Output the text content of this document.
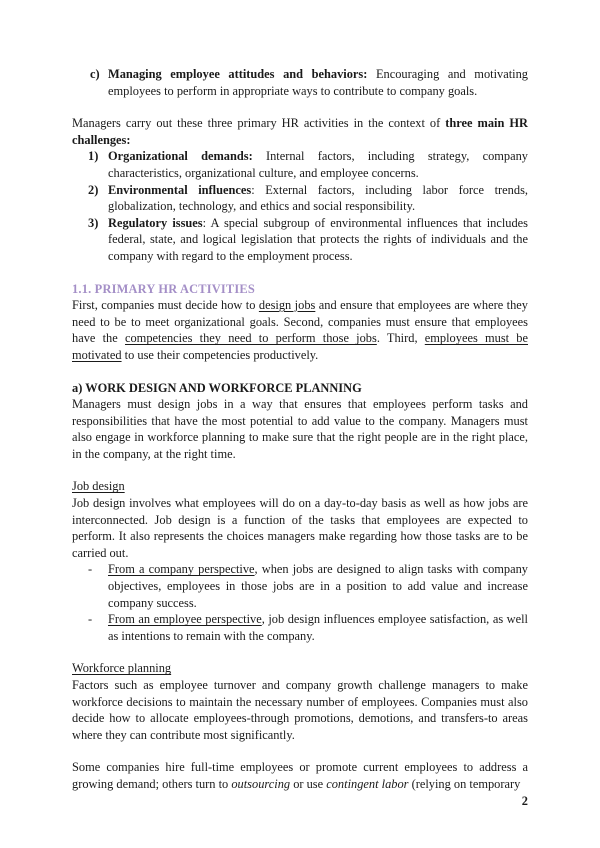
c) Managing employee attitudes and behaviors: Encouraging and motivating employees to perform in appropriate ways to contribute to company goals.

Managers carry out these three primary HR activities in the context of three main HR challenges:

1) Organizational demands: Internal factors, including strategy, company characteristics, organizational culture, and employee concerns.
2) Environmental influences: External factors, including labor force trends, globalization, technology, and ethics and social responsibility.
3) Regulatory issues: A special subgroup of environmental influences that includes federal, state, and logical legislation that protects the rights of individuals and the company with regard to the employment process.

1.1. PRIMARY HR ACTIVITIES

First, companies must decide how to design jobs and ensure that employees are where they need to be to meet organizational goals. Second, companies must ensure that employees have the competencies they need to perform those jobs. Third, employees must be motivated to use their competencies productively.

a) WORK DESIGN AND WORKFORCE PLANNING

Managers must design jobs in a way that ensures that employees perform tasks and responsibilities that have the most potential to add value to the company. Managers must also engage in workforce planning to make sure that the right people are in the right place, in the company, at the right time.

Job design

Job design involves what employees will do on a day-to-day basis as well as how jobs are interconnected. Job design is a function of the tasks that employees are expected to perform. It also represents the choices managers make regarding how those tasks are to be carried out.

- From a company perspective, when jobs are designed to align tasks with company objectives, employees in those jobs are in a position to add value and increase company success.
- From an employee perspective, job design influences employee satisfaction, as well as intentions to remain with the company.

Workforce planning

Factors such as employee turnover and company growth challenge managers to make workforce decisions to maintain the necessary number of employees. Companies must also decide how to allocate employees-through promotions, demotions, and transfers-to areas where they can contribute most significantly.

Some companies hire full-time employees or promote current employees to address a growing demand; others turn to outsourcing or use contingent labor (relying on temporary

2
